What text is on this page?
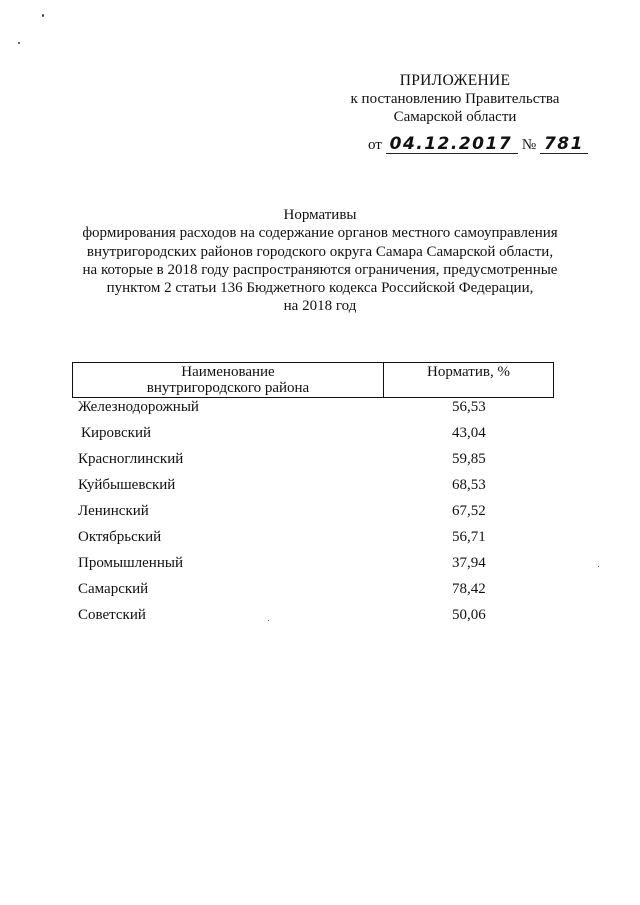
ПРИЛОЖЕНИЕ
к постановлению Правительства
Самарской области
от 04.12.2017 № 781
Нормативы
формирования расходов на содержание органов местного самоуправления
внутригородских районов городского округа Самара Самарской области,
на которые в 2018 году распространяются ограничения, предусмотренные
пунктом 2 статьи 136 Бюджетного кодекса Российской Федерации,
на 2018 год
Наименование
внутригородского района
Норматив, %
Железнодорожный	56,53
Кировский	43,04
Красноглинский	59,85
Куйбышевский	68,53
Ленинский	67,52
Октябрьский	56,71
Промышленный	37,94
Самарский	78,42
Советский	50,06
